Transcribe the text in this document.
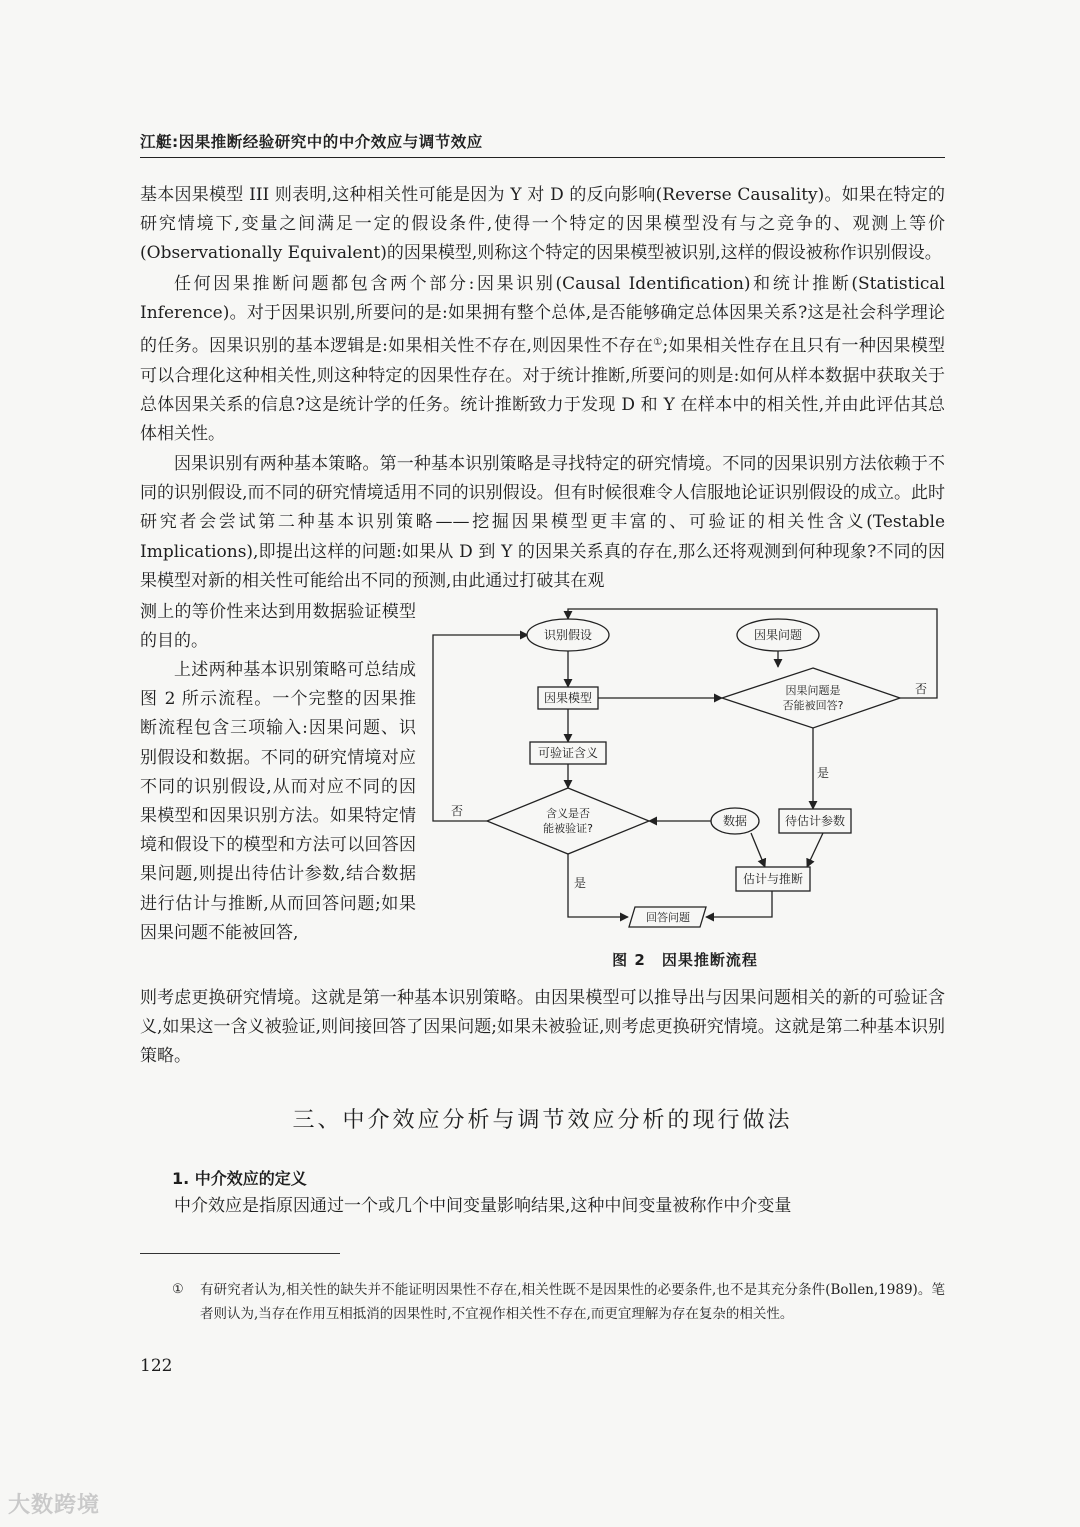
江艇:因果推断经验研究中的中介效应与调节效应

基本因果模型 III 则表明,这种相关性可能是因为 Y 对 D 的反向影响(Reverse Causality)。如果在特定的研究情境下,变量之间满足一定的假设条件,使得一个特定的因果模型没有与之竞争的、观测上等价(Observationally Equivalent)的因果模型,则称这个特定的因果模型被识别,这样的假设被称作识别假设。

任何因果推断问题都包含两个部分:因果识别(Causal Identification)和统计推断(Statistical Inference)。对于因果识别,所要问的是:如果拥有整个总体,是否能够确定总体因果关系?这是社会科学理论的任务。因果识别的基本逻辑是:如果相关性不存在,则因果性不存在①;如果相关性存在且只有一种因果模型可以合理化这种相关性,则这种特定的因果性存在。对于统计推断,所要问的则是:如何从样本数据中获取关于总体因果关系的信息?这是统计学的任务。统计推断致力于发现 D 和 Y 在样本中的相关性,并由此评估其总体相关性。

因果识别有两种基本策略。第一种基本识别策略是寻找特定的研究情境。不同的因果识别方法依赖于不同的识别假设,而不同的研究情境适用不同的识别假设。但有时候很难令人信服地论证识别假设的成立。此时研究者会尝试第二种基本识别策略——挖掘因果模型更丰富的、可验证的相关性含义(Testable Implications),即提出这样的问题:如果从 D 到 Y 的因果关系真的存在,那么还将观测到何种现象?不同的因果模型对新的相关性可能给出不同的预测,由此通过打破其在观

测上的等价性来达到用数据验证模型的目的。

上述两种基本识别策略可总结成图 2 所示流程。一个完整的因果推断流程包含三项输入:因果问题、识别假设和数据。不同的研究情境对应不同的识别假设,从而对应不同的因果模型和因果识别方法。如果特定情境和假设下的模型和方法可以回答因果问题,则提出待估计参数,结合数据进行估计与推断,从而回答问题;如果因果问题不能被回答,

识别假设	因果问题
因果模型
因果问题是
否能被回答?
可验证含义
含义是否
能被验证?
数据	待估计参数
估计与推断
回答问题
否
是
否
是
图 2　因果推断流程

则考虑更换研究情境。这就是第一种基本识别策略。由因果模型可以推导出与因果问题相关的新的可验证含义,如果这一含义被验证,则间接回答了因果问题;如果未被验证,则考虑更换研究情境。这就是第二种基本识别策略。

三、中介效应分析与调节效应分析的现行做法
1. 中介效应的定义

中介效应是指原因通过一个或几个中间变量影响结果,这种中间变量被称作中介变量

① 有研究者认为,相关性的缺失并不能证明因果性不存在,相关性既不是因果性的必要条件,也不是其充分条件(Bollen,1989)。笔者则认为,当存在作用互相抵消的因果性时,不宜视作相关性不存在,而更宜理解为存在复杂的相关性。

122
大数跨境
